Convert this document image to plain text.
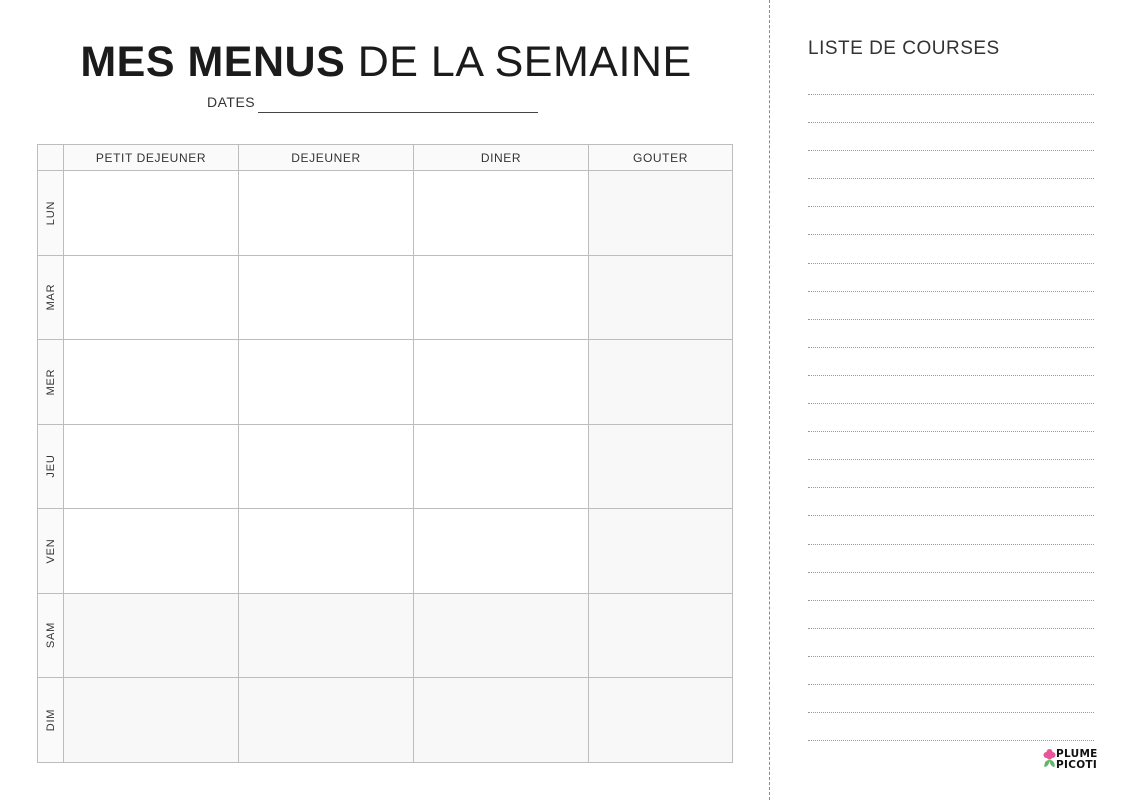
MES MENUS DE LA SEMAINE
DATES
	PETIT DEJEUNER	DEJEUNER	DINER	GOUTER

LUN				

MAR				

MER				

JEU				

VEN				

SAM				

DIM				

LISTE DE COURSES
PLUME
PICOTI
